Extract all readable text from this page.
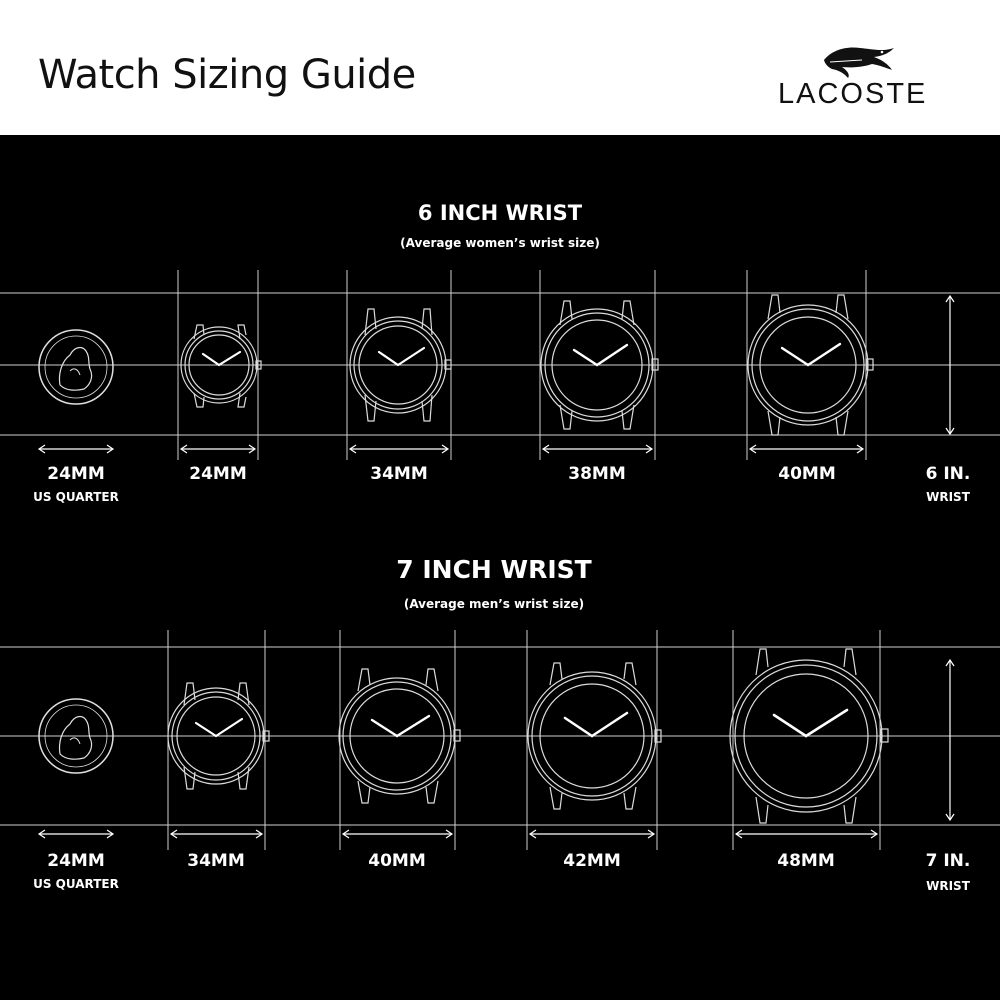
Watch Sizing Guide	LACOSTE
6 INCH WRIST
(Average women’s wrist size)
24MM
US QUARTER
24MM	34MM	38MM	40MM	6 IN.
WRIST
7 INCH WRIST
(Average men’s wrist size)
24MM
US QUARTER
34MM	40MM	42MM	48MM	7 IN.
WRIST
